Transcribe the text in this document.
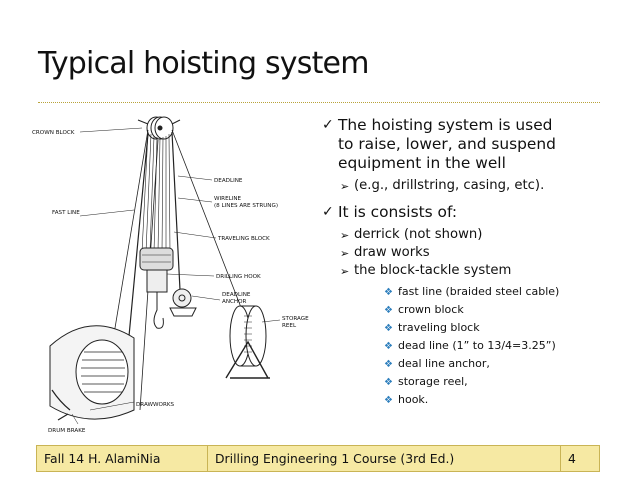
Typical hoisting system
CROWN BLOCK
DEADLINE
WIRELINE
(8 LINES ARE STRUNG)
FAST LINE
TRAVELING BLOCK
DRILLING HOOK
DEADLINE
ANCHOR
STORAGE
REEL
DRAWWORKS
DRUM BRAKE
✓ The hoisting system is used
to raise, lower, and suspend
equipment in the well
➢ (e.g., drillstring, casing, etc).
✓ It is consists of:
➢ derrick (not shown)
➢ draw works
➢ the block-tackle system
❖ fast line (braided steel cable)
❖ crown block
❖ traveling block
❖ dead line (1” to 13/4=3.25”)
❖ deal line anchor,
❖ storage reel,
❖ hook.
Fall 14 H. AlamiNia	Drilling Engineering 1 Course (3rd Ed.)	4
